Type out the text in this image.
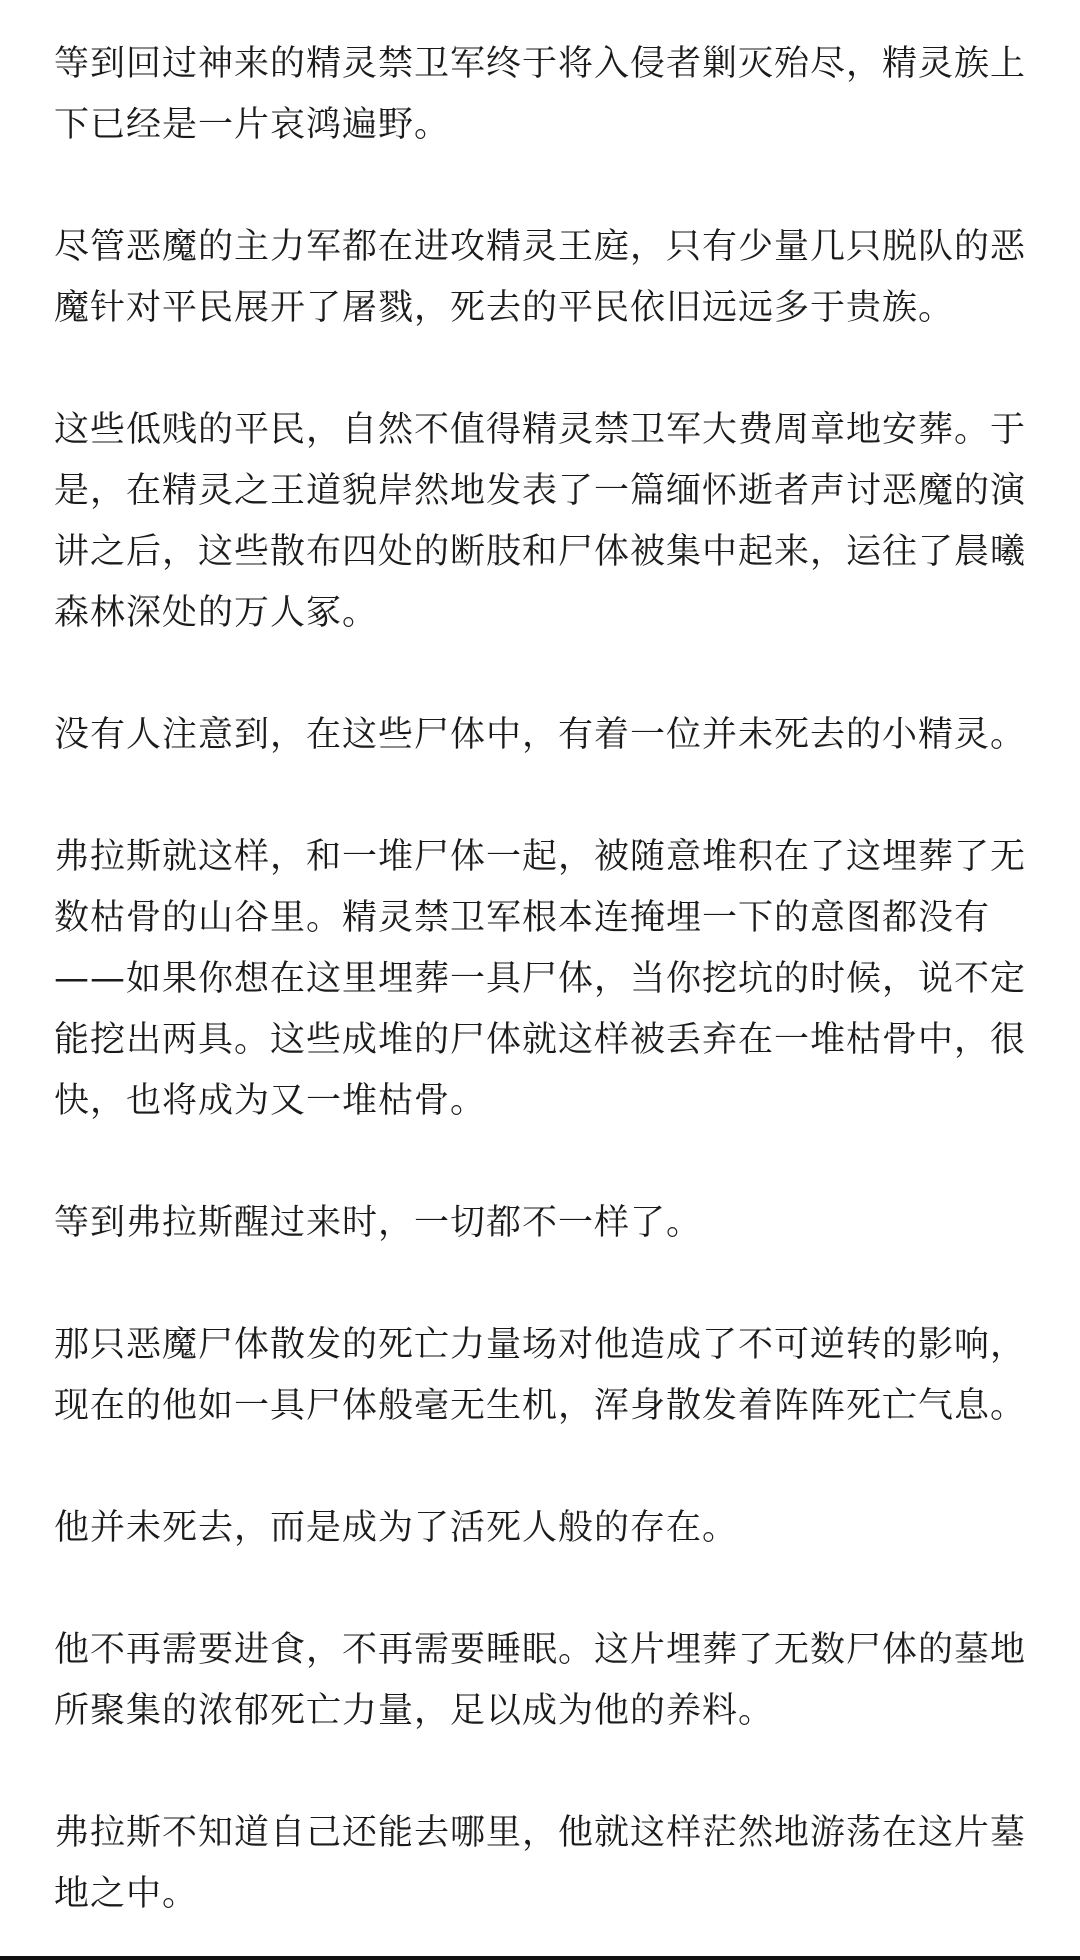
等到回过神来的精灵禁卫军终于将入侵者剿灭殆尽，精灵族上下已经是一片哀鸿遍野。

尽管恶魔的主力军都在进攻精灵王庭，只有少量几只脱队的恶魔针对平民展开了屠戮，死去的平民依旧远远多于贵族。

这些低贱的平民，自然不值得精灵禁卫军大费周章地安葬。于是，在精灵之王道貌岸然地发表了一篇缅怀逝者声讨恶魔的演讲之后，这些散布四处的断肢和尸体被集中起来，运往了晨曦森林深处的万人冢。

没有人注意到，在这些尸体中，有着一位并未死去的小精灵。

弗拉斯就这样，和一堆尸体一起，被随意堆积在了这埋葬了无数枯骨的山谷里。精灵禁卫军根本连掩埋一下的意图都没有——如果你想在这里埋葬一具尸体，当你挖坑的时候，说不定能挖出两具。这些成堆的尸体就这样被丢弃在一堆枯骨中，很快，也将成为又一堆枯骨。

等到弗拉斯醒过来时，一切都不一样了。

那只恶魔尸体散发的死亡力量场对他造成了不可逆转的影响，现在的他如一具尸体般毫无生机，浑身散发着阵阵死亡气息。

他并未死去，而是成为了活死人般的存在。

他不再需要进食，不再需要睡眠。这片埋葬了无数尸体的墓地所聚集的浓郁死亡力量，足以成为他的养料。

弗拉斯不知道自己还能去哪里，他就这样茫然地游荡在这片墓地之中。
